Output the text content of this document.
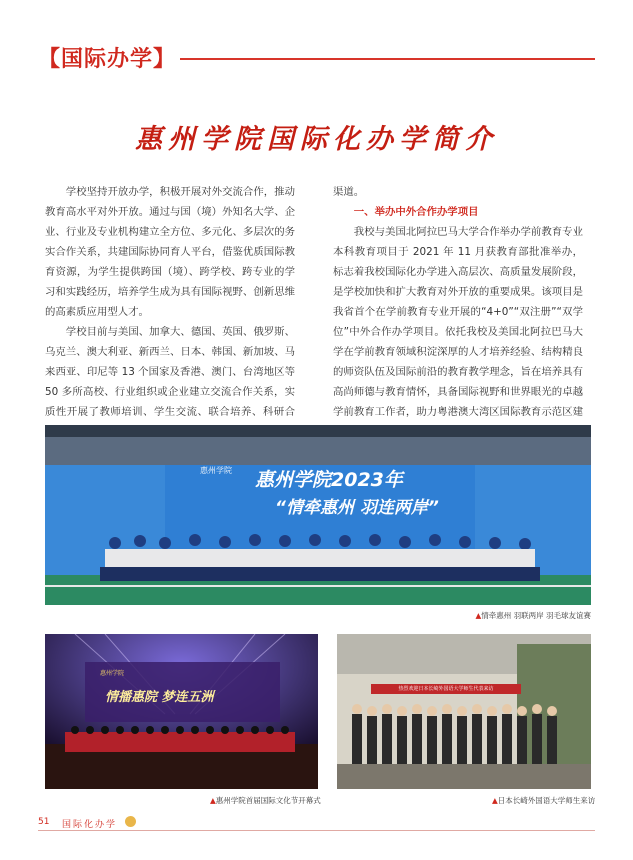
【国际办学】
惠州学院国际化办学简介

学校坚持开放办学，积极开展对外交流合作，推动教育高水平对外开放。通过与国（境）外知名大学、企业、行业及专业机构建立全方位、多元化、多层次的务实合作关系，共建国际协同育人平台，借鉴优质国际教育资源，为学生提供跨国（境）、跨学校、跨专业的学习和实践经历，培养学生成为具有国际视野、创新思维的高素质应用型人才。

学校目前与美国、加拿大、德国、英国、俄罗斯、乌克兰、澳大利亚、新西兰、日本、韩国、新加坡、马来西亚、印尼等 13 个国家及香港、澳门、台湾地区等 50 多所高校、行业组织或企业建立交流合作关系，实质性开展了教师培训、学生交流、联合培养、科研合

渠道。

一、举办中外合作办学项目

我校与美国北阿拉巴马大学合作举办学前教育专业本科教育项目于 2021 年 11 月获教育部批准举办，标志着我校国际化办学进入高层次、高质量发展阶段，是学校加快和扩大教育对外开放的重要成果。该项目是我省首个在学前教育专业开展的“4+0”“双注册”“双学位”中外合作办学项目。依托我校及美国北阿拉巴马大学在学前教育领域积淀深厚的人才培养经验、结构精良的师资队伍及国际前沿的教育教学理念，旨在培养具有高尚师德与教育情怀，具备国际视野和世界眼光的卓越学前教育工作者，助力粤港澳大湾区国际教育示范区建

惠州学院 惠州学院2023年
“情牵惠州 羽连两岸”
▲情牵惠州 羽联两岸 羽毛球友谊赛
惠州学院
情播惠院 梦连五洲
▲惠州学院首届国际文化节开幕式
热烈欢迎日本长崎外国语大学师生代表来访
▲日本长崎外国语大学师生来访
51 国际化办学
